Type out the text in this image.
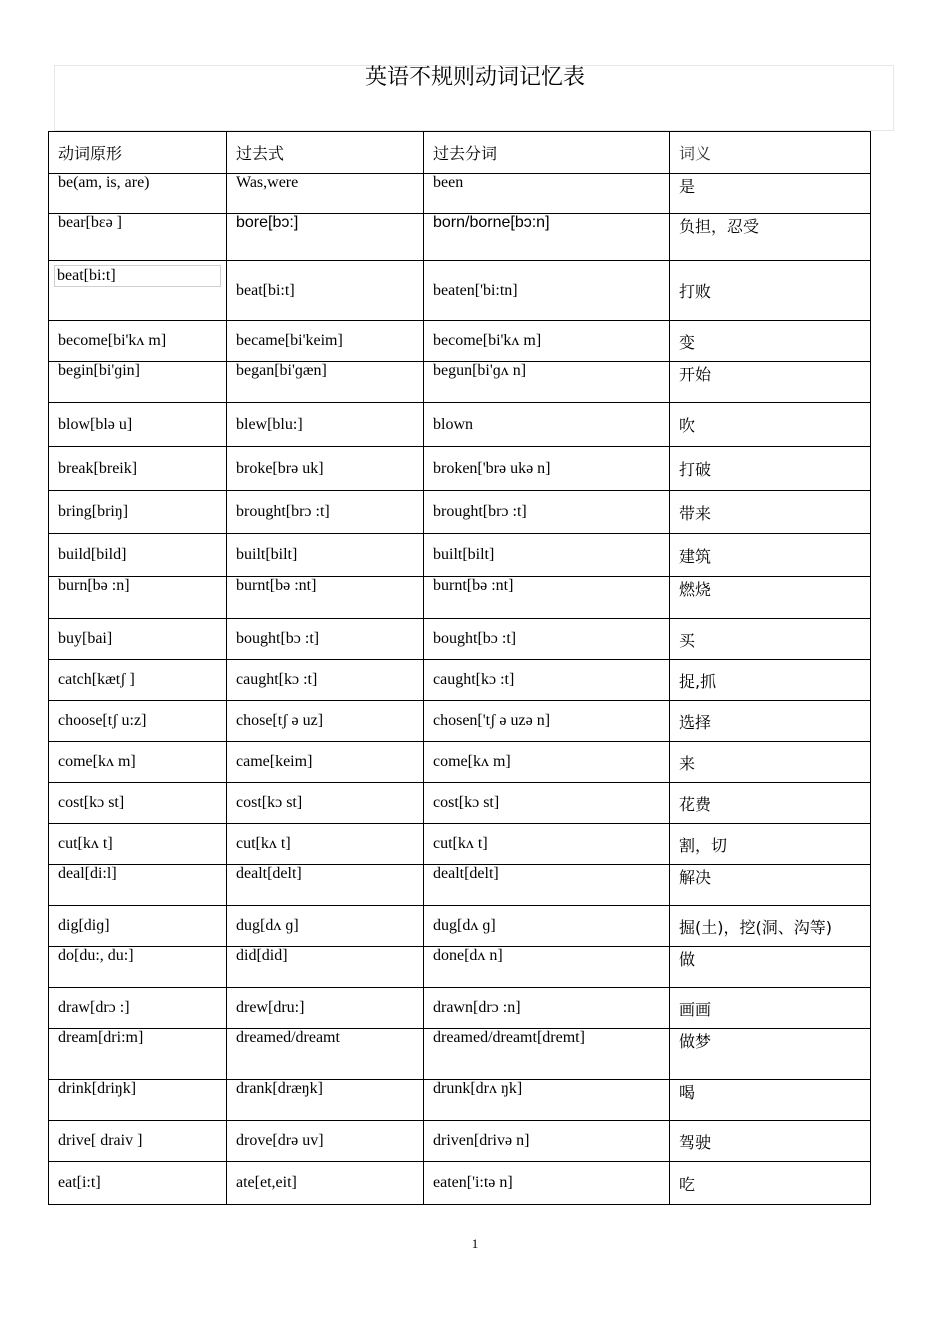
英语不规则动词记忆表
动词原形	过去式	过去分词	词义
be(am, is, are)	Was,were	been	是
bear[bɛə ]	bore[bɔ:]	born/borne[bɔ:n]	负担，忍受

beat[bi:t]	beat[bi:t]	beaten['bi:tn]	打败
become[bi'kʌ m]	became[bi'keim]	become[bi'kʌ m]	变
begin[bi'ɡin]	began[bi'ɡæn]	begun[bi'ɡʌ n]	开始
blow[blə u]	blew[blu:]	blown	吹
break[breik]	broke[brə uk]	broken['brə ukə n]	打破
bring[briŋ]	brought[brɔ :t]	brought[brɔ :t]	带来
build[bild]	built[bilt]	built[bilt]	建筑
burn[bə :n]	burnt[bə :nt]	burnt[bə :nt]	燃烧
buy[bai]	bought[bɔ :t]	bought[bɔ :t]	买
catch[kætʃ ]	caught[kɔ :t]	caught[kɔ :t]	捉,抓
choose[tʃ u:z]	chose[tʃ ə uz]	chosen['tʃ ə uzə n]	选择
come[kʌ m]	came[keim]	come[kʌ m]	来
cost[kɔ st]	cost[kɔ st]	cost[kɔ st]	花费
cut[kʌ t]	cut[kʌ t]	cut[kʌ t]	割，切
deal[di:l]	dealt[delt]	dealt[delt]	解决
dig[diɡ]	dug[dʌ ɡ]	dug[dʌ ɡ]	掘(土)，挖(洞、沟等)
do[du:, du:]	did[did]	done[dʌ n]	做
draw[drɔ :]	drew[dru:]	drawn[drɔ :n]	画画
dream[dri:m]	dreamed/dreamt	dreamed/dreamt[dremt]	做梦
drink[driŋk]	drank[dræŋk]	drunk[drʌ ŋk]	喝
drive[ draiv ]	drove[drə uv]	driven[drivə n]	驾驶
eat[i:t]	ate[et,eit]	eaten['i:tə n]	吃
1
